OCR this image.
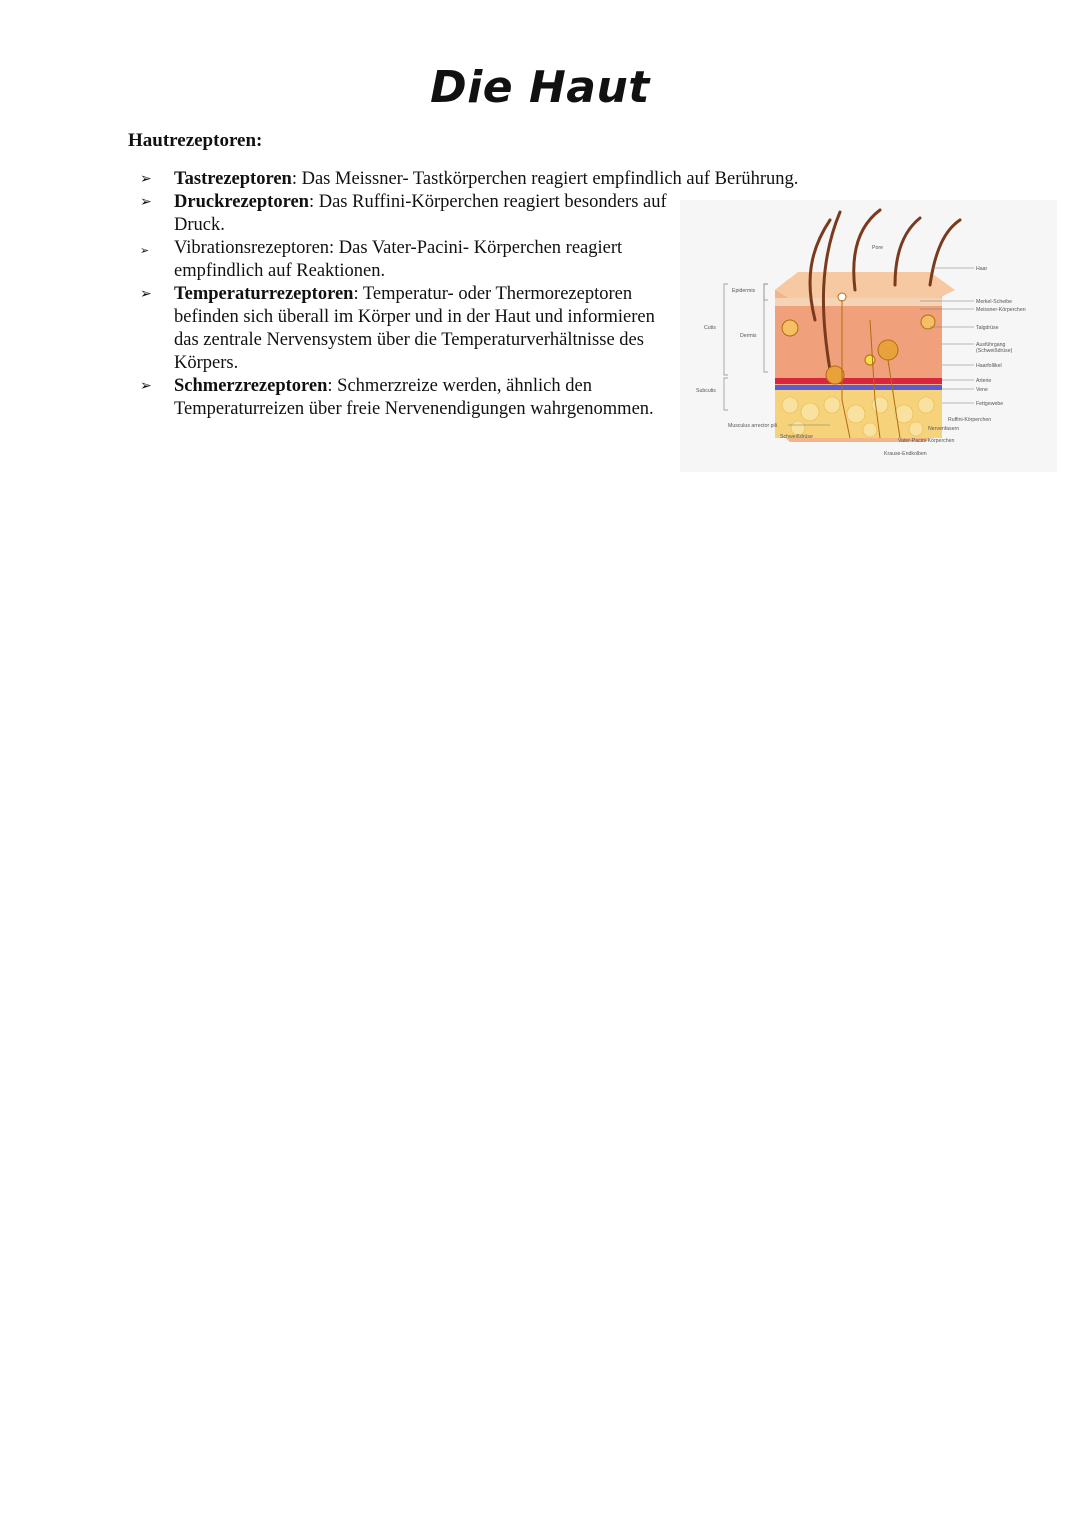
Die Haut
Hautrezeptoren:
➢	Tastrezeptoren: Das Meissner- Tastkörperchen reagiert empfindlich auf Berührung.
➢	Druckrezeptoren: Das Ruffini-Körperchen reagiert besonders auf Druck.
➢	Vibrationsrezeptoren: Das Vater-Pacini- Körperchen reagiert empfindlich auf Reaktionen.
➢	Temperaturrezeptoren: Temperatur- oder Thermorezeptoren befinden sich überall im Körper und in der Haut und informieren das zentrale Nervensystem über die Temperaturverhältnisse des Körpers.
➢	Schmerzrezeptoren: Schmerzreize werden, ähnlich den Temperaturreizen über freie Nervenendigungen wahrgenommen.
Pore
Haar
Epidermis
Cutis
Dermis
Subcutis
Merkel-Scheibe
Meissner-Körperchen
Talgdrüse
Ausführgang
(Schweißdrüse)
Haarfollikel
Arterie
Vene
Fettgewebe
Ruffini-Körperchen
Nervenfasern
Vater-Pacini-Körperchen
Krause-Endkolben
Musculus arrector pili
Schweißdrüse
